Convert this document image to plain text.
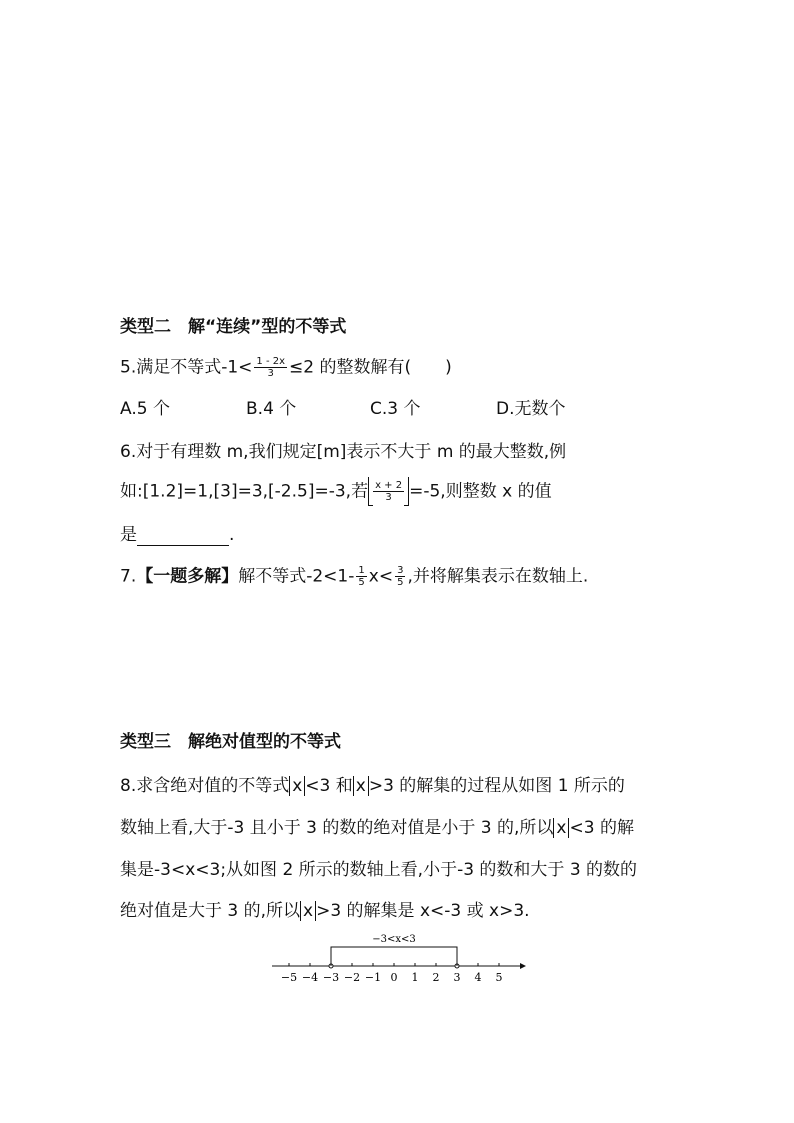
类型二　解“连续”型的不等式
5.满足不等式$-1< \frac{1 - 2x}{3} \le 2$ 的整数解有(　　)
A.5 个	B.4 个	C.3 个	D.无数个
6.对于有理数 m,我们规定[m]表示不大于 m 的最大整数,例
如:[1.2]=1,[3]=3,[-2.5]=-3,若 $\frac{x + 2}{3} =-5$,则整数 x 的值
是	.
7.【一题多解】解不等式$-2<1- \frac{1}{5} x< \frac{3}{5}$ ,并将解集表示在数轴上.
类型三　解绝对值型的不等式
8.求含绝对值的不等式 x <3 和 x >3 的解集的过程从如图 1 所示的
数轴上看,大于-3 且小于 3 的数的绝对值是小于 3 的,所以 x <3 的解
集是-3<x<3;从如图 2 所示的数轴上看,小于-3 的数和大于 3 的数的
绝对值是大于 3 的,所以 x >3 的解集是 x<-3 或 x>3.
−3<x<3
−5 −4 −3 −2 −1 0 1 2 3 4 5
